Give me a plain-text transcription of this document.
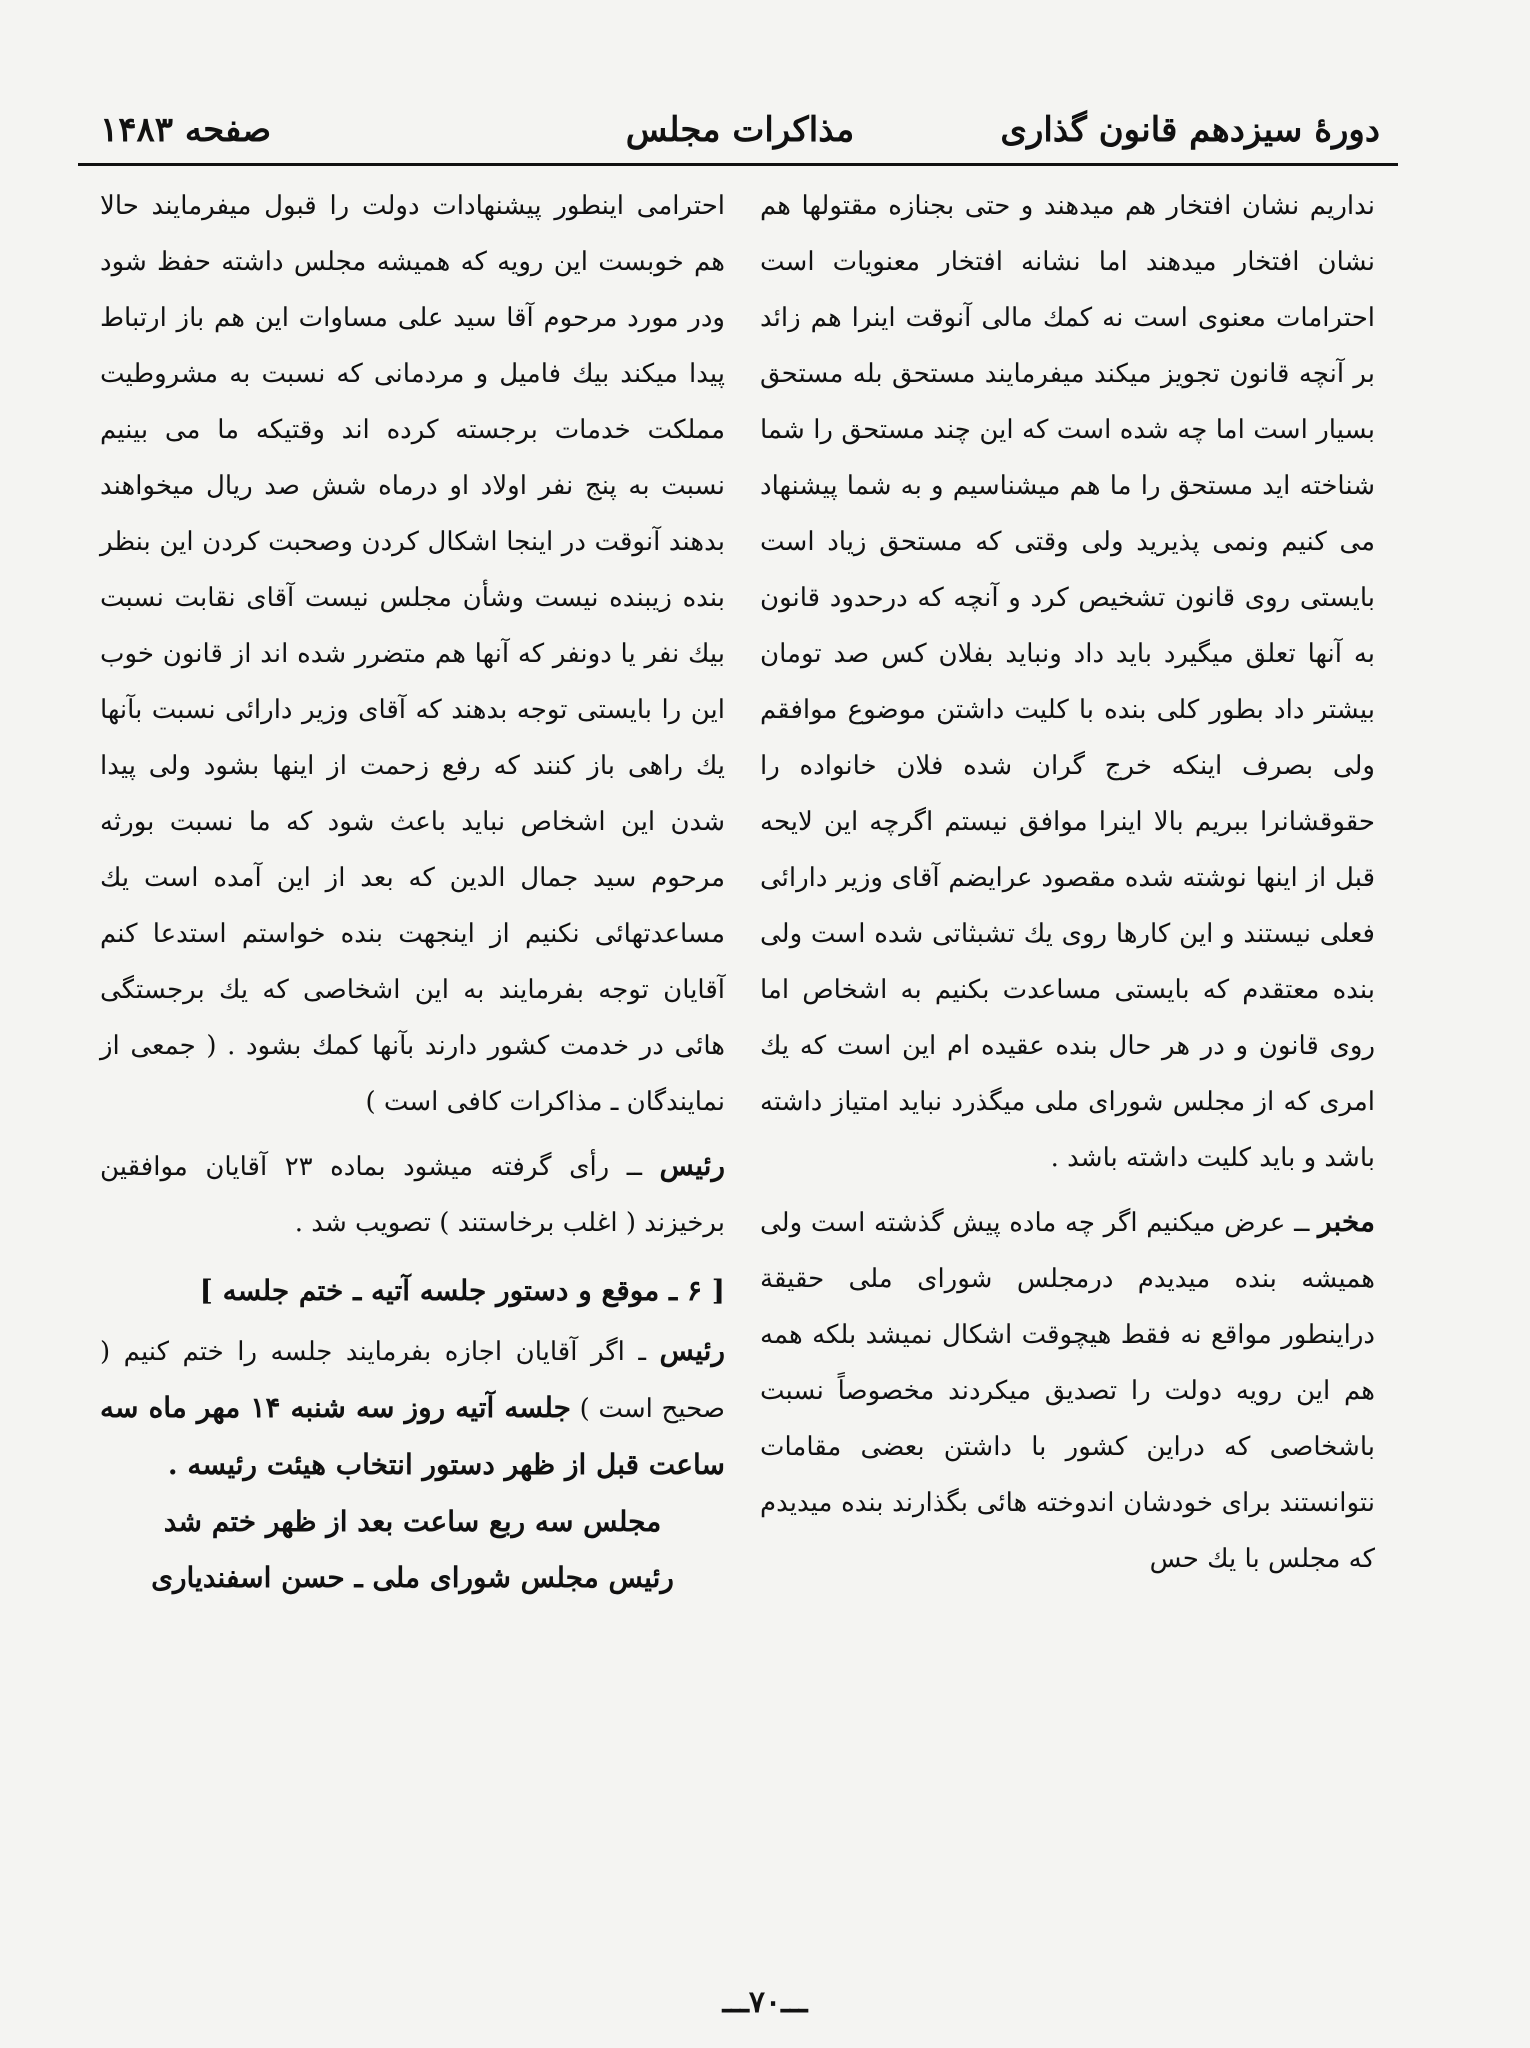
دورهٔ سیزدهم قانون گذاری
مذاکرات مجلس
صفحه ۱۴۸۳

نداریم نشان افتخار هم میدهند و حتی بجنازه مقتولها هم نشان افتخار میدهند اما نشانه افتخار معنویات است احترامات معنوی است نه کمك مالی آنوقت اینرا هم زائد بر آنچه قانون تجویز میکند میفرمایند مستحق بله مستحق بسیار است اما چه شده است که این چند مستحق را شما شناخته اید مستحق را ما هم میشناسیم و به شما پیشنهاد می کنیم ونمی پذیرید ولی وقتی که مستحق زیاد است بایستی روی قانون تشخیص کرد و آنچه که درحدود قانون به آنها تعلق میگیرد باید داد ونباید بفلان کس صد تومان بیشتر داد بطور کلی بنده با کلیت داشتن موضوع موافقم ولی بصرف اینکه خرج گران شده فلان خانواده را حقوقشانرا ببریم بالا اینرا موافق نیستم اگرچه این لایحه قبل از اینها نوشته شده مقصود عرایضم آقای وزیر دارائی فعلی نیستند و این کارها روی یك تشبثاتی شده است ولی بنده معتقدم که بایستی مساعدت بکنیم به اشخاص اما روی قانون و در هر حال بنده عقیده ام این است که یك امری که از مجلس شورای ملی میگذرد نباید امتیاز داشته باشد و باید کلیت داشته باشد .

مخبر ــ عرض میکنیم اگر چه ماده پیش گذشته است ولی همیشه بنده میدیدم درمجلس شورای ملی حقیقة دراینطور مواقع نه فقط هیچوقت اشکال نمیشد بلکه همه هم این رویه دولت را تصدیق میکردند مخصوصاً نسبت باشخاصی که دراین کشور با داشتن بعضی مقامات نتوانستند برای خودشان اندوخته هائی بگذارند بنده میدیدم که مجلس با یك حس

احترامی اینطور پیشنهادات دولت را قبول میفرمایند حالا هم خوبست این رویه که همیشه مجلس داشته حفظ شود ودر مورد مرحوم آقا سید علی مساوات این هم باز ارتباط پیدا میکند بیك فامیل و مردمانی که نسبت به مشروطیت مملکت خدمات برجسته کرده اند وقتیکه ما می بینیم نسبت به پنج نفر اولاد او درماه شش صد ریال میخواهند بدهند آنوقت در اینجا اشکال کردن وصحبت کردن این بنظر بنده زیبنده نیست وشأن مجلس نیست آقای نقابت نسبت بیك نفر یا دونفر که آنها هم متضرر شده اند از قانون خوب این را بایستی توجه بدهند که آقای وزیر دارائی نسبت بآنها یك راهی باز کنند که رفع زحمت از اینها بشود ولی پیدا شدن این اشخاص نباید باعث شود که ما نسبت بورثه مرحوم سید جمال الدین که بعد از این آمده است یك مساعدتهائی نکنیم از اینجهت بنده خواستم استدعا کنم آقایان توجه بفرمایند به این اشخاصی که یك برجستگی هائی در خدمت کشور دارند بآنها کمك بشود . ( جمعی از نمایندگان ـ مذاکرات کافی است )

رئیس ــ رأی گرفته میشود بماده ۲۳ آقایان موافقین برخیزند ( اغلب برخاستند ) تصویب شد .

[ ۶ ـ موقع و دستور جلسه آتیه ـ ختم جلسه ]

رئیس ـ اگر آقایان اجازه بفرمایند جلسه را ختم کنیم ( صحیح است ) جلسه آتیه روز سه شنبه ۱۴ مهر ماه سه ساعت قبل از ظهر دستور انتخاب هیئت رئیسه .

مجلس سه ربع ساعت بعد از ظهر ختم شد
رئیس مجلس شورای ملی ـ حسن اسفندیاری
ـــ۷۰ـــ
